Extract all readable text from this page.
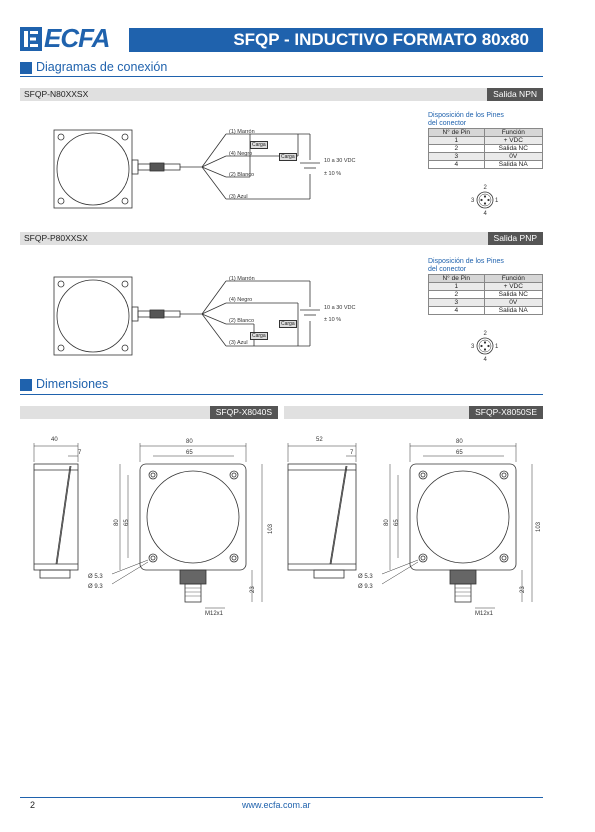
ECFA	SFQP - INDUCTIVO FORMATO 80x80
Diagramas de conexión
SFQP-N80XXSX	Salida NPN
(1) Marrón
(4) Negro
(2) Blanco
(3) Azul
Carga
Carga
10 a 30 VDC
± 10 %
Disposición de los Pines
del conector
N° de Pin	Función
1	+ VDC
2	Salida NC
3	0V
4	Salida NA
2
3	1
4
SFQP-P80XXSX	Salida PNP
(1) Marrón
(4) Negro
(2) Blanco
(3) Azul
Carga
Carga
10 a 30 VDC
± 10 %
Disposición de los Pines
del conector
N° de Pin	Función
1	+ VDC
2	Salida NC
3	0V
4	Salida NA
2
3	1
4
Dimensiones
SFQP-X8040S	SFQP-X8050SE
40
7
80
65
80 65
103
23
Ø 5.3
Ø 9.3
M12x1
52
7
80
65
80 65	103
23
Ø 5.3
Ø 9.3
M12x1
2	www.ecfa.com.ar
